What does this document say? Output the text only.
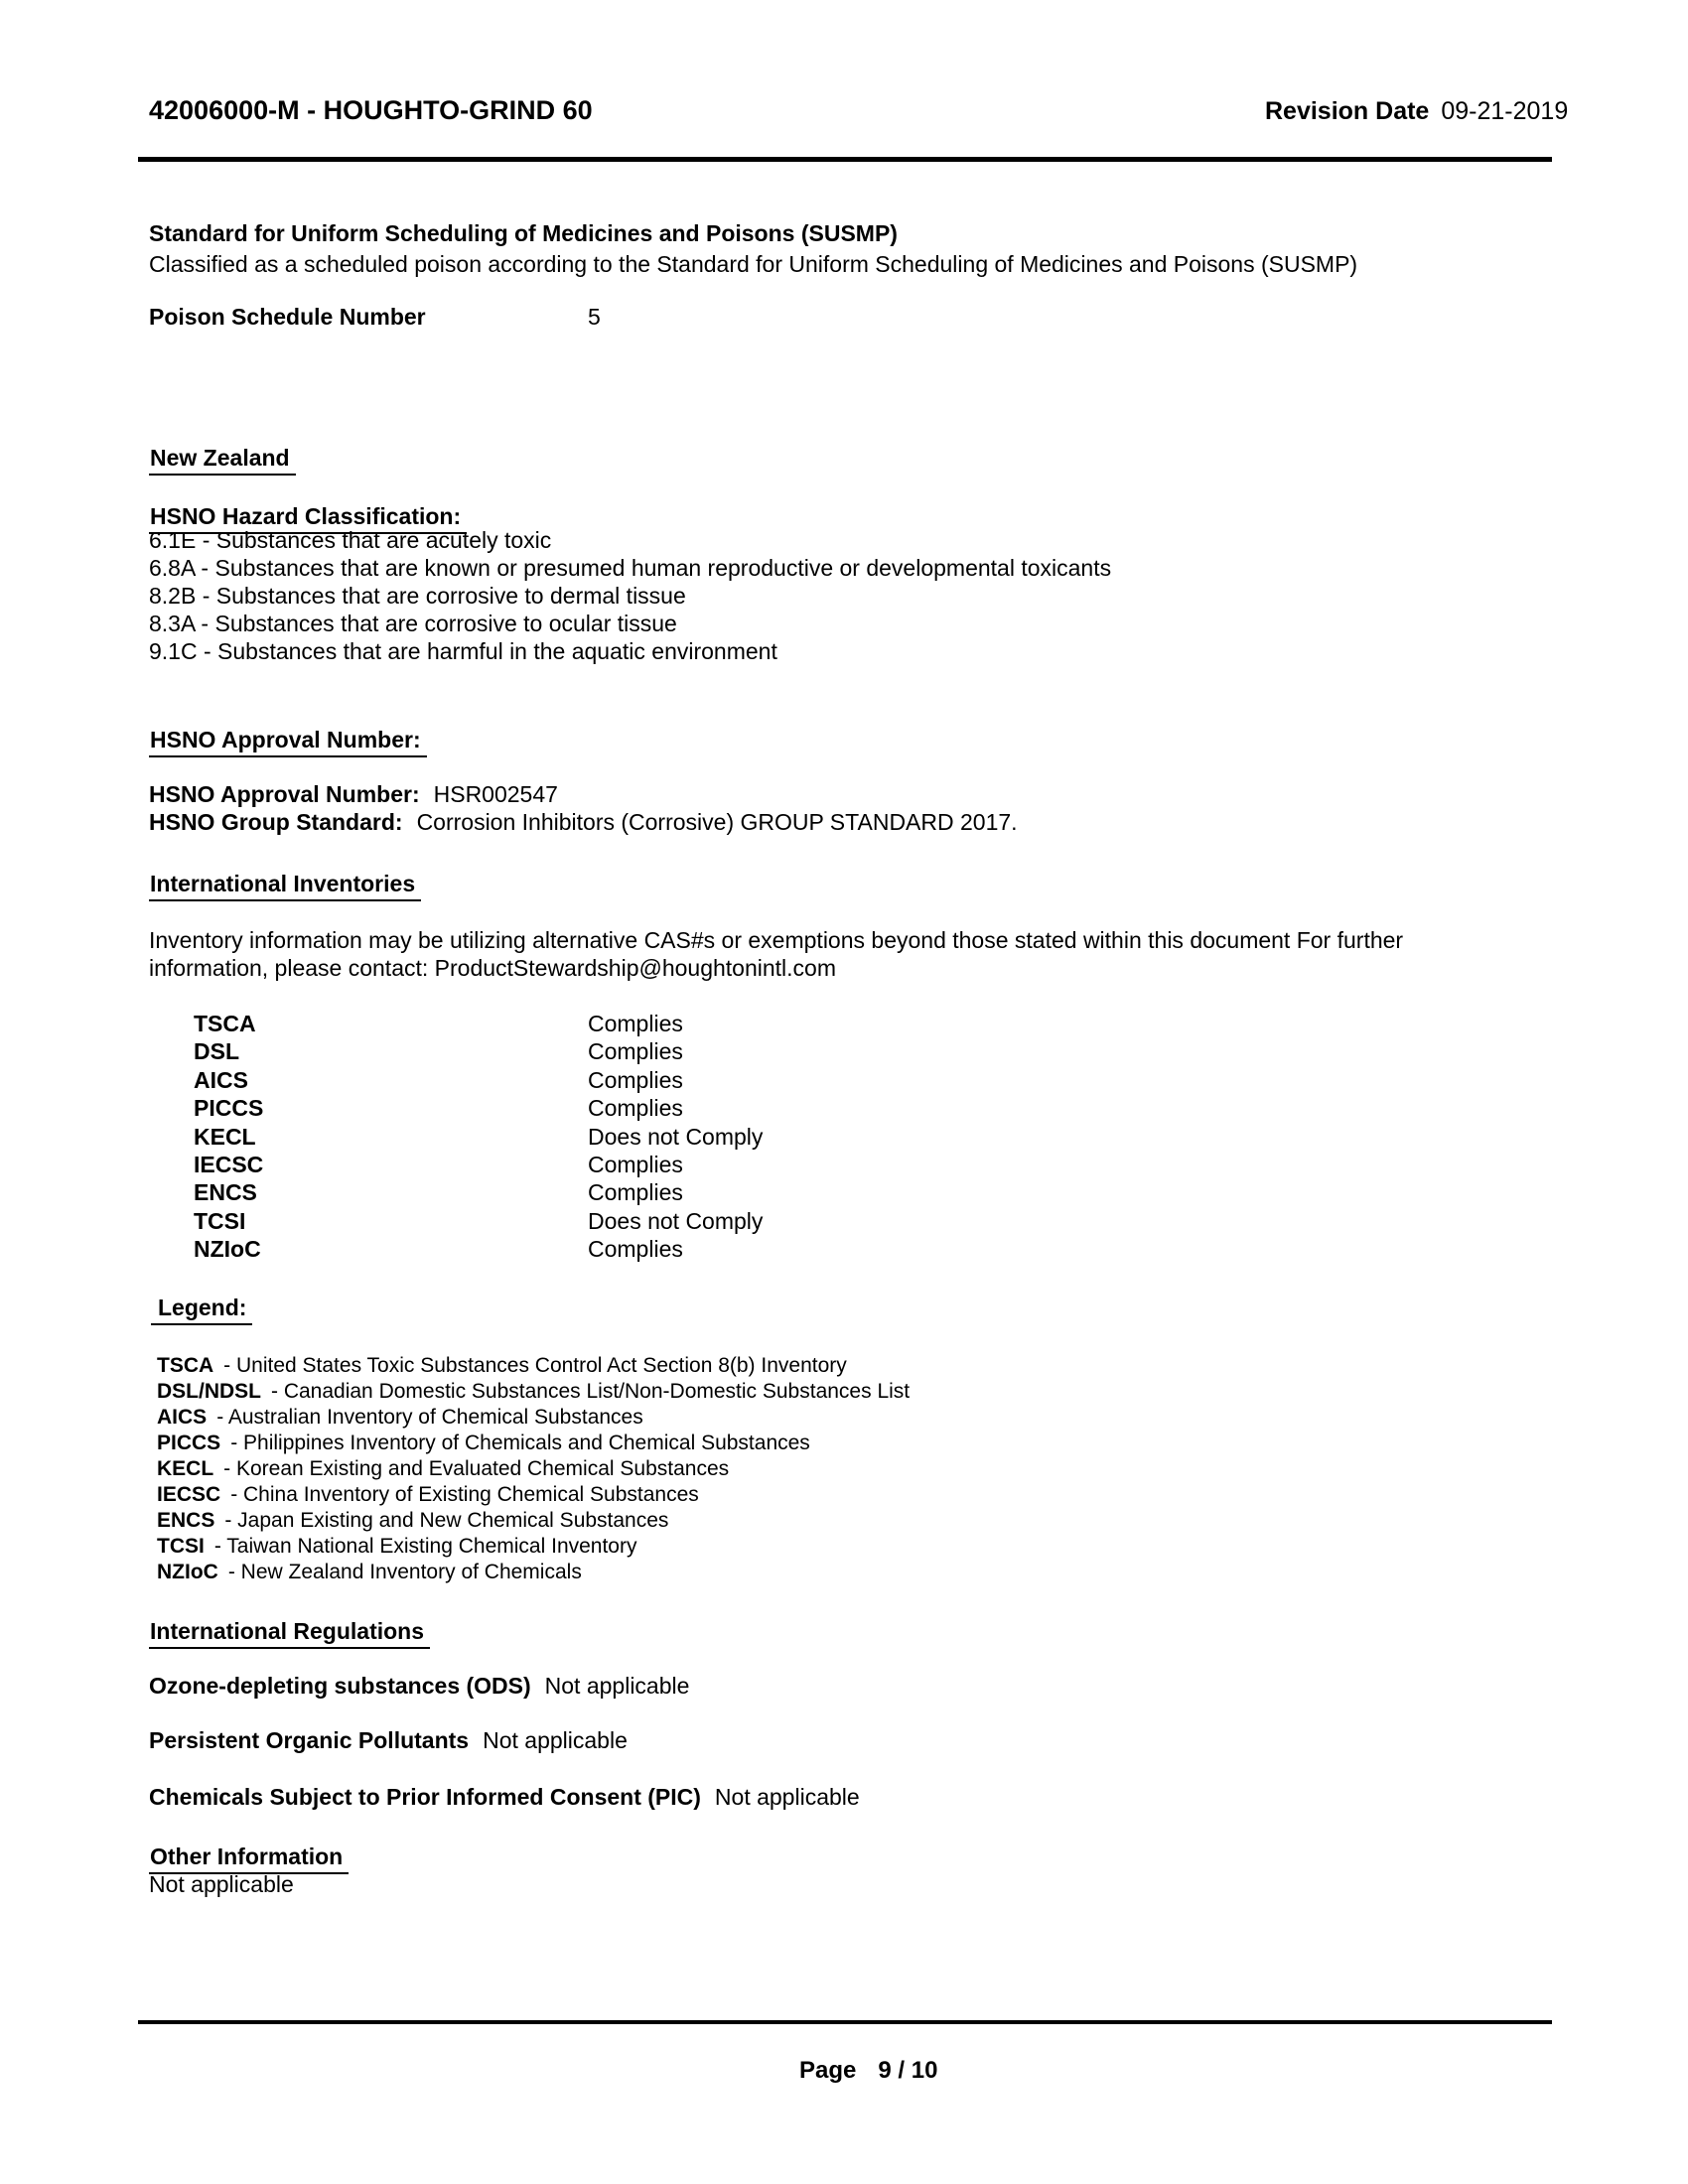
42006000-M - HOUGHTO-GRIND 60	Revision Date 09-21-2019
Standard for Uniform Scheduling of Medicines and Poisons (SUSMP)
Classified as a scheduled poison according to the Standard for Uniform Scheduling of Medicines and Poisons (SUSMP)
Poison Schedule Number	5
New Zealand
HSNO Hazard Classification:
6.1E - Substances that are acutely toxic
6.8A - Substances that are known or presumed human reproductive or developmental toxicants
8.2B - Substances that are corrosive to dermal tissue
8.3A - Substances that are corrosive to ocular tissue
9.1C - Substances that are harmful in the aquatic environment
HSNO Approval Number:
HSNO Approval Number: HSR002547
HSNO Group Standard: Corrosion Inhibitors (Corrosive) GROUP STANDARD 2017.
International Inventories
Inventory information may be utilizing alternative CAS#s or exemptions beyond those stated within this document For further
information, please contact: ProductStewardship@houghtonintl.com
TSCA	Complies
DSL	Complies
AICS	Complies
PICCS	Complies
KECL	Does not Comply
IECSC	Complies
ENCS	Complies
TCSI	Does not Comply
NZIoC	Complies
Legend:
TSCA - United States Toxic Substances Control Act Section 8(b) Inventory
DSL/NDSL - Canadian Domestic Substances List/Non-Domestic Substances List
AICS - Australian Inventory of Chemical Substances
PICCS - Philippines Inventory of Chemicals and Chemical Substances
KECL - Korean Existing and Evaluated Chemical Substances
IECSC - China Inventory of Existing Chemical Substances
ENCS - Japan Existing and New Chemical Substances
TCSI - Taiwan National Existing Chemical Inventory
NZIoC - New Zealand Inventory of Chemicals
International Regulations
Ozone-depleting substances (ODS) Not applicable
Persistent Organic Pollutants Not applicable
Chemicals Subject to Prior Informed Consent (PIC) Not applicable
Other Information
Not applicable
Page 9 / 10
